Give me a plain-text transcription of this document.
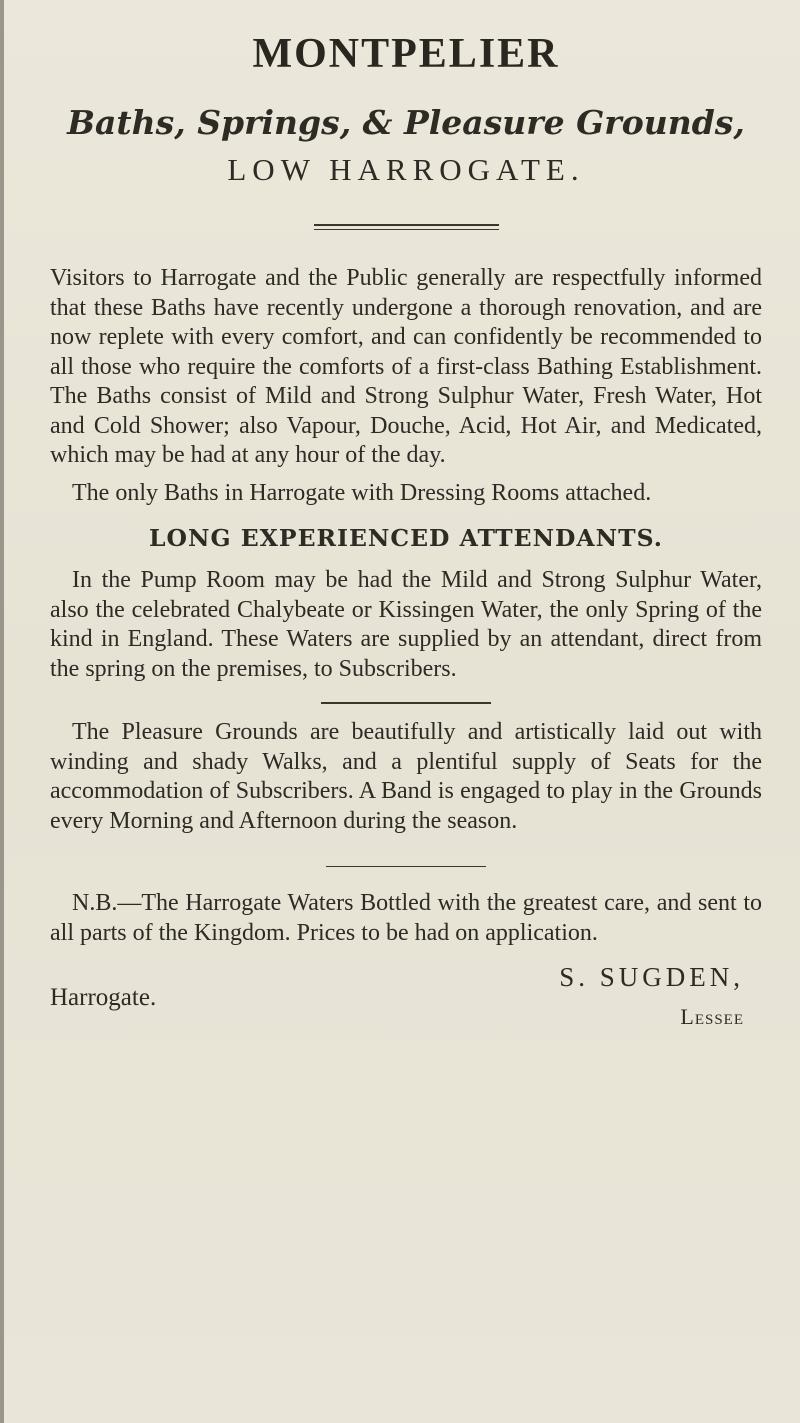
MONTPELIER
Baths, Springs, & Pleasure Grounds,
LOW HARROGATE.

Visitors to Harrogate and the Public generally are respectfully informed that these Baths have recently undergone a thorough renovation, and are now replete with every comfort, and can confidently be recommended to all those who require the comforts of a first-class Bathing Establishment. The Baths consist of Mild and Strong Sulphur Water, Fresh Water, Hot and Cold Shower; also Vapour, Douche, Acid, Hot Air, and Medicated, which may be had at any hour of the day.

The only Baths in Harrogate with Dressing Rooms attached.

LONG EXPERIENCED ATTENDANTS.

In the Pump Room may be had the Mild and Strong Sulphur Water, also the celebrated Chalybeate or Kissingen Water, the only Spring of the kind in England. These Waters are supplied by an attendant, direct from the spring on the premises, to Subscribers.

The Pleasure Grounds are beautifully and artistically laid out with winding and shady Walks, and a plentiful supply of Seats for the accommodation of Subscribers. A Band is engaged to play in the Grounds every Morning and Afternoon during the season.

N.B.—The Harrogate Waters Bottled with the greatest care, and sent to all parts of the Kingdom. Prices to be had on application.

S. SUGDEN,
Harrogate.
Lessee
